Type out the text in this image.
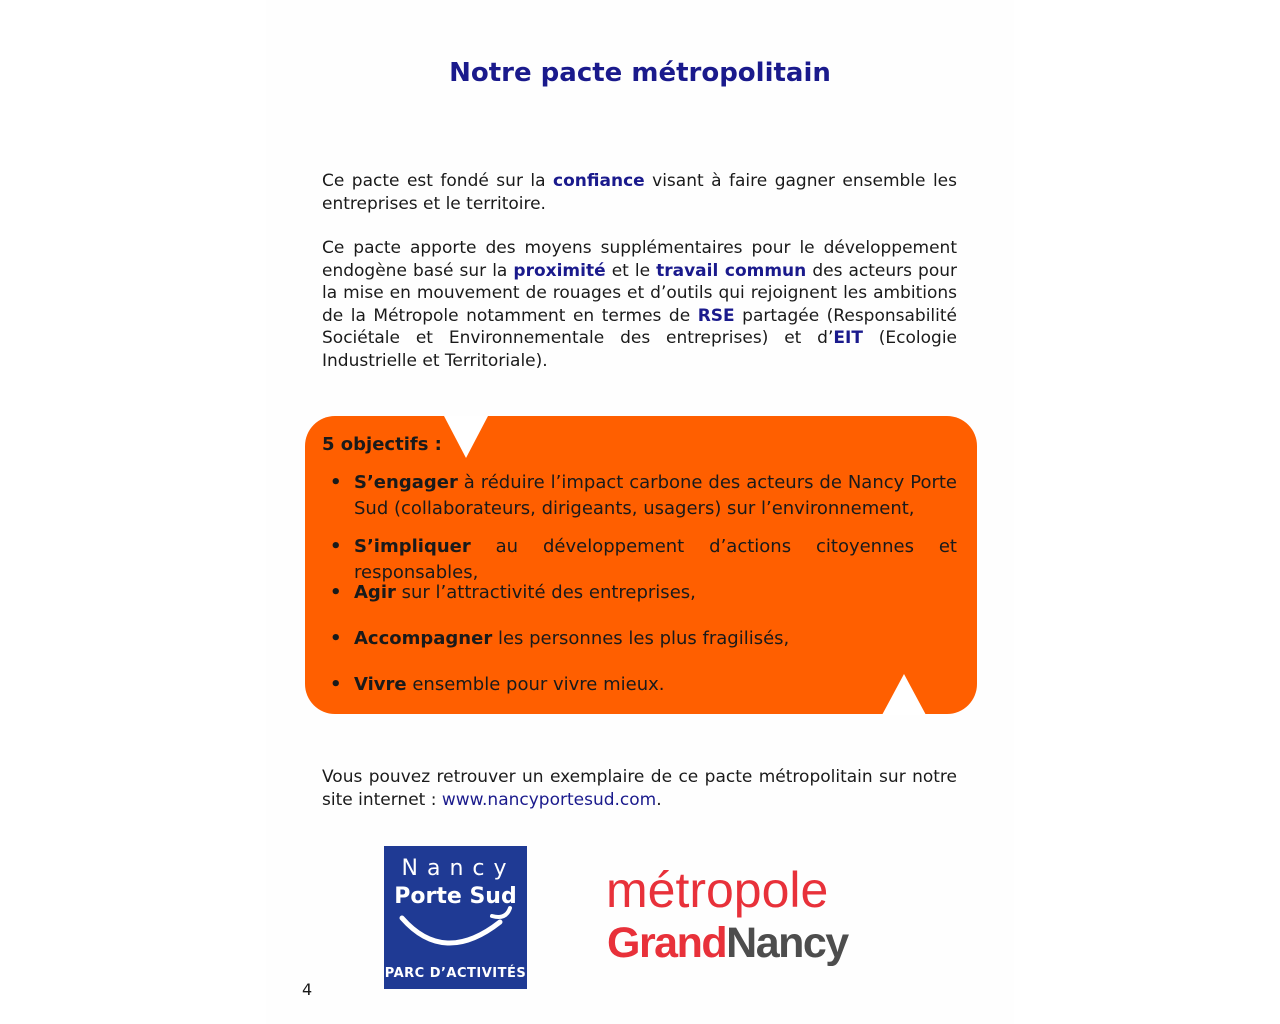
Notre pacte métropolitain

Ce pacte est fondé sur la confiance visant à faire gagner ensemble les entreprises et le territoire.

Ce pacte apporte des moyens supplémentaires pour le développement endogène basé sur la proximité et le travail commun des acteurs pour la mise en mouvement de rouages et d’outils qui rejoignent les ambitions de la Métropole notamment en termes de RSE partagée (Responsabilité Sociétale et Environnementale des entreprises) et d’EIT (Ecologie Industrielle et Territoriale).

5 objectifs :
• S’engager à réduire l’impact carbone des acteurs de Nancy Porte Sud (collaborateurs, dirigeants, usagers) sur l’environnement,
• S’impliquer au développement d’actions citoyennes et responsables,
• Agir sur l’attractivité des entreprises,
• Accompagner les personnes les plus fragilisés,
• Vivre ensemble pour vivre mieux.

Vous pouvez retrouver un exemplaire de ce pacte métropolitain sur notre site internet : www.nancyportesud.com.

Nancy
Porte Sud
PARC D’ACTIVITÉS
métropole
GrandNancy
4
